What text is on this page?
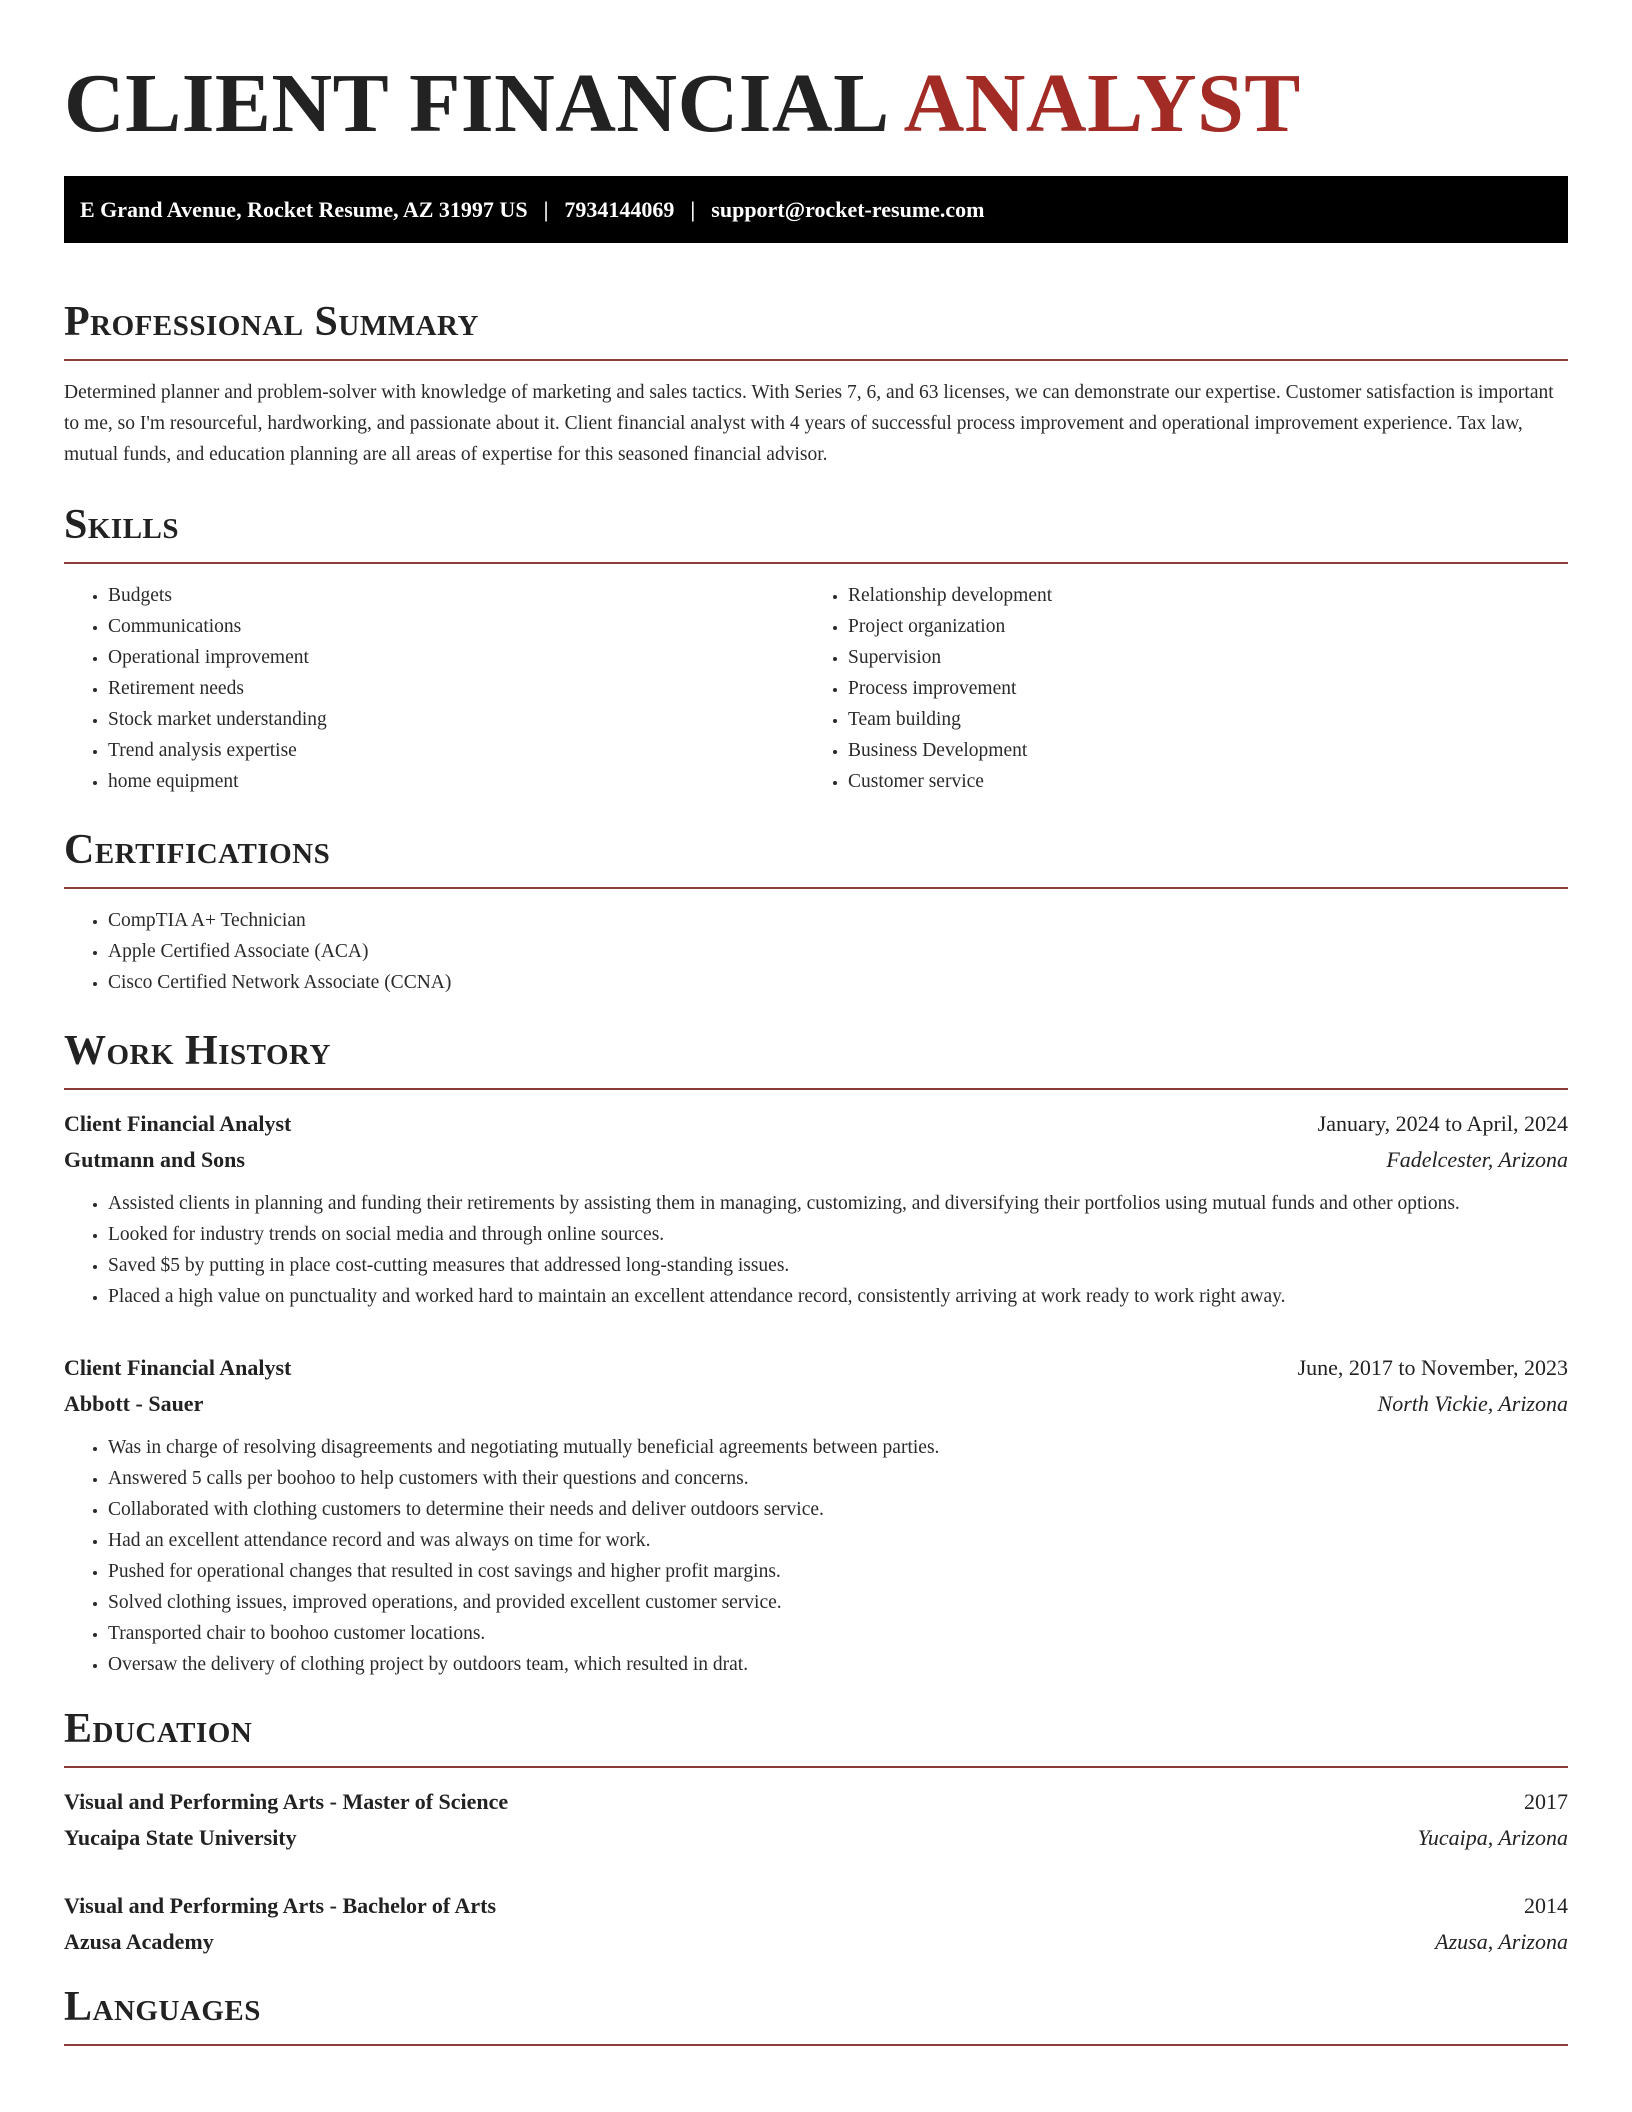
CLIENT FINANCIAL ANALYST
E Grand Avenue, Rocket Resume, AZ 31997 US | 7934144069 | support@rocket-resume.com
Professional Summary

Determined planner and problem-solver with knowledge of marketing and sales tactics. With Series 7, 6, and 63 licenses, we can demonstrate our expertise. Customer satisfaction is important to me, so I'm resourceful, hardworking, and passionate about it. Client financial analyst with 4 years of successful process improvement and operational improvement experience. Tax law, mutual funds, and education planning are all areas of expertise for this seasoned financial advisor.

Skills
• Budgets
• Communications
• Operational improvement
• Retirement needs
• Stock market understanding
• Trend analysis expertise
• home equipment
• Relationship development
• Project organization
• Supervision
• Process improvement
• Team building
• Business Development
• Customer service
Certifications
• CompTIA A+ Technician
• Apple Certified Associate (ACA)
• Cisco Certified Network Associate (CCNA)
Work History
Client Financial Analyst	January, 2024 to April, 2024
Gutmann and Sons	Fadelcester, Arizona
• Assisted clients in planning and funding their retirements by assisting them in managing, customizing, and diversifying their portfolios using mutual funds and other options.
• Looked for industry trends on social media and through online sources.
• Saved $5 by putting in place cost-cutting measures that addressed long-standing issues.
• Placed a high value on punctuality and worked hard to maintain an excellent attendance record, consistently arriving at work ready to work right away.
Client Financial Analyst	June, 2017 to November, 2023
Abbott - Sauer	North Vickie, Arizona
• Was in charge of resolving disagreements and negotiating mutually beneficial agreements between parties.
• Answered 5 calls per boohoo to help customers with their questions and concerns.
• Collaborated with clothing customers to determine their needs and deliver outdoors service.
• Had an excellent attendance record and was always on time for work.
• Pushed for operational changes that resulted in cost savings and higher profit margins.
• Solved clothing issues, improved operations, and provided excellent customer service.
• Transported chair to boohoo customer locations.
• Oversaw the delivery of clothing project by outdoors team, which resulted in drat.
Education
Visual and Performing Arts - Master of Science	2017
Yucaipa State University	Yucaipa, Arizona
Visual and Performing Arts - Bachelor of Arts	2014
Azusa Academy	Azusa, Arizona
Languages
